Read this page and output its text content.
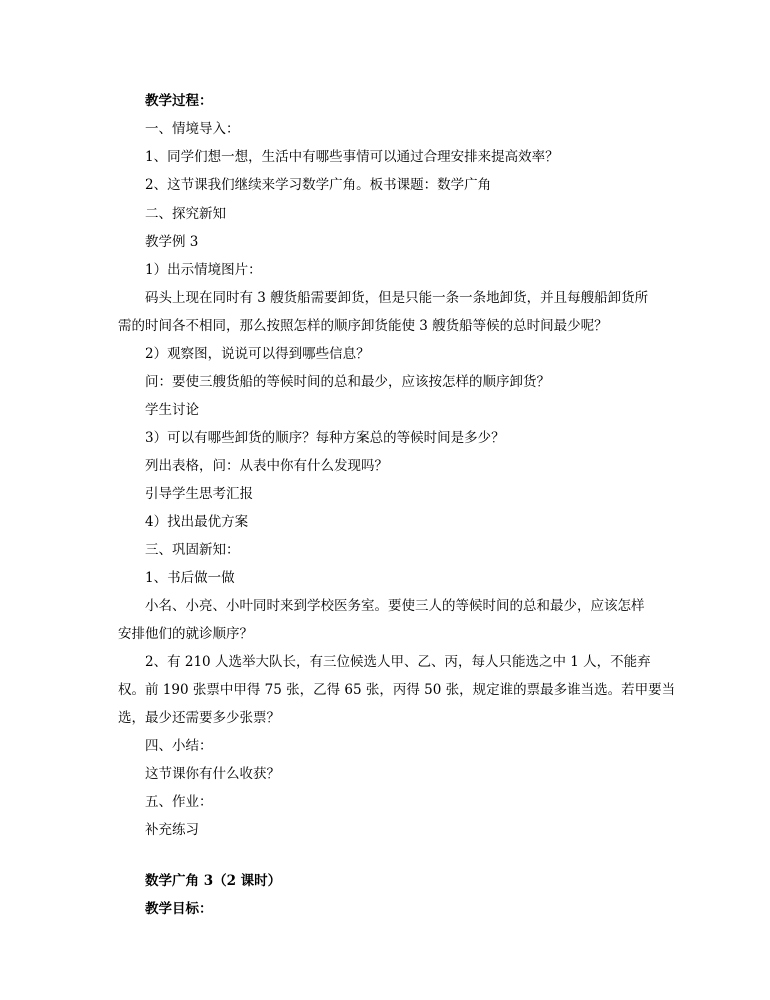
教学过程：
一、情境导入：
1、同学们想一想，生活中有哪些事情可以通过合理安排来提高效率？
2、这节课我们继续来学习数学广角。板书课题：数学广角
二、探究新知
教学例 3
1）出示情境图片：
码头上现在同时有 3 艘货船需要卸货，但是只能一条一条地卸货，并且每艘船卸货所
需的时间各不相同，那么按照怎样的顺序卸货能使 3 艘货船等候的总时间最少呢？
2）观察图，说说可以得到哪些信息？
问：要使三艘货船的等候时间的总和最少，应该按怎样的顺序卸货？
学生讨论
3）可以有哪些卸货的顺序？每种方案总的等候时间是多少？
列出表格，问：从表中你有什么发现吗？
引导学生思考汇报
4）找出最优方案
三、巩固新知：
1、书后做一做
小名、小亮、小叶同时来到学校医务室。要使三人的等候时间的总和最少，应该怎样
安排他们的就诊顺序？
2、有 210 人选举大队长，有三位候选人甲、乙、丙，每人只能选之中 1 人，不能弃
权。前 190 张票中甲得 75 张，乙得 65 张，丙得 50 张，规定谁的票最多谁当选。若甲要当
选，最少还需要多少张票？
四、小结：
这节课你有什么收获？
五、作业：
补充练习
数学广角 3（2 课时）
教学目标：
